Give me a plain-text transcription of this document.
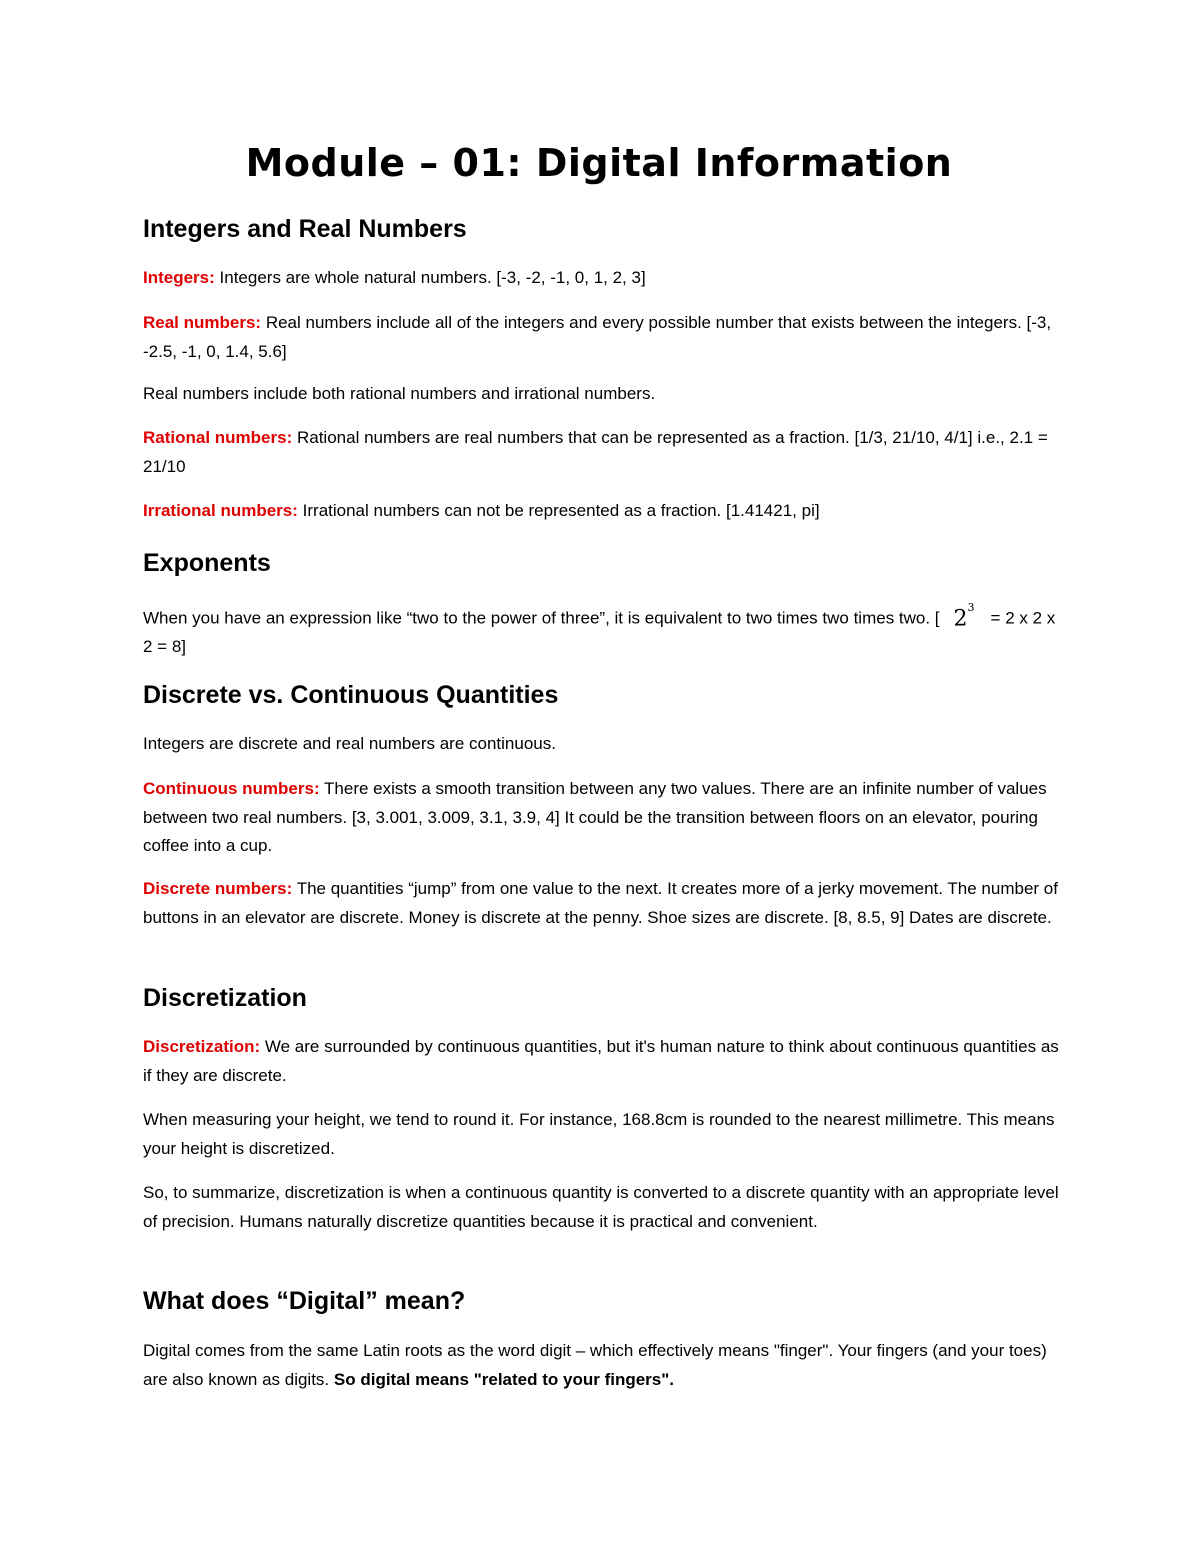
Module – 01: Digital Information
Integers and Real Numbers

Integers: Integers are whole natural numbers. [-3, -2, -1, 0, 1, 2, 3]

Real numbers: Real numbers include all of the integers and every possible number that exists between the integers. [-3, -2.5, -1, 0, 1.4, 5.6]

Real numbers include both rational numbers and irrational numbers.

Rational numbers: Rational numbers are real numbers that can be represented as a fraction. [1/3, 21/10, 4/1] i.e., 2.1 = 21/10

Irrational numbers: Irrational numbers can not be represented as a fraction. [1.41421, pi]

Exponents

When you have an expression like “two to the power of three”, it is equivalent to two times two times two. [ $2^3= 2$ x 2 x 2 = 8]

Discrete vs. Continuous Quantities

Integers are discrete and real numbers are continuous.

Continuous numbers: There exists a smooth transition between any two values. There are an infinite number of values between two real numbers. [3, 3.001, 3.009, 3.1, 3.9, 4] It could be the transition between floors on an elevator, pouring coffee into a cup.

Discrete numbers: The quantities “jump” from one value to the next. It creates more of a jerky movement. The number of buttons in an elevator are discrete. Money is discrete at the penny. Shoe sizes are discrete. [8, 8.5, 9] Dates are discrete.

Discretization

Discretization: We are surrounded by continuous quantities, but it's human nature to think about continuous quantities as if they are discrete.

When measuring your height, we tend to round it. For instance, 168.8cm is rounded to the nearest millimetre. This means your height is discretized.

So, to summarize, discretization is when a continuous quantity is converted to a discrete quantity with an appropriate level of precision. Humans naturally discretize quantities because it is practical and convenient.

What does “Digital” mean?

Digital comes from the same Latin roots as the word digit – which effectively means "finger". Your fingers (and your toes) are also known as digits. So digital means "related to your fingers".
